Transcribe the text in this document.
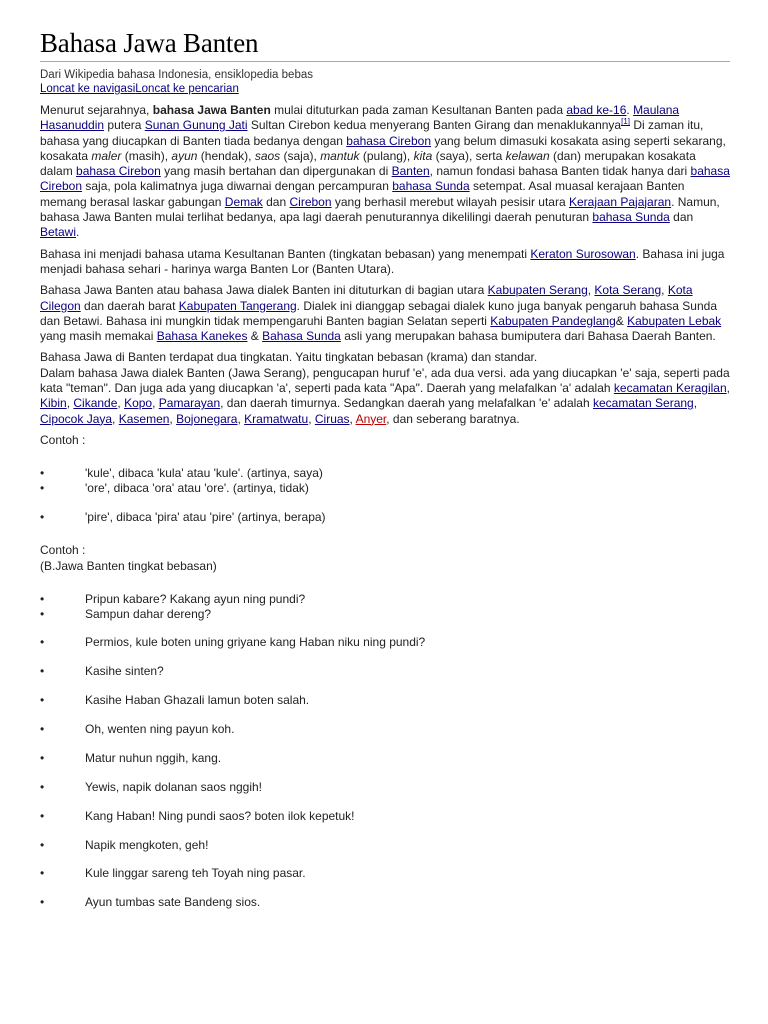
Bahasa Jawa Banten
Dari Wikipedia bahasa Indonesia, ensiklopedia bebas
Loncat ke navigasiLoncat ke pencarian

Menurut sejarahnya, bahasa Jawa Banten mulai dituturkan pada zaman Kesultanan Banten pada abad ke-16. Maulana Hasanuddin putera Sunan Gunung Jati Sultan Cirebon kedua menyerang Banten Girang dan menaklukannya[1] Di zaman itu, bahasa yang diucapkan di Banten tiada bedanya dengan bahasa Cirebon yang belum dimasuki kosakata asing seperti sekarang,
kosakata maler (masih), ayun (hendak), saos (saja), mantuk (pulang), kita (saya), serta kelawan (dan) merupakan kosakata dalam bahasa Cirebon yang masih bertahan dan dipergunakan di Banten, namun fondasi bahasa Banten tidak hanya dari bahasa Cirebon saja, pola kalimatnya juga diwarnai dengan percampuran bahasa Sunda setempat. Asal muasal kerajaan Banten memang berasal laskar gabungan Demak dan Cirebon yang berhasil merebut wilayah pesisir utara Kerajaan Pajajaran. Namun, bahasa Jawa Banten mulai terlihat bedanya, apa lagi daerah penuturannya dikelilingi daerah penuturan bahasa Sunda dan Betawi.

Bahasa ini menjadi bahasa utama Kesultanan Banten (tingkatan bebasan) yang menempati Keraton Surosowan. Bahasa ini juga menjadi bahasa sehari - harinya warga Banten Lor (Banten Utara).

Bahasa Jawa Banten atau bahasa Jawa dialek Banten ini dituturkan di bagian utara Kabupaten Serang, Kota Serang, Kota Cilegon dan daerah barat Kabupaten Tangerang. Dialek ini dianggap sebagai dialek kuno juga banyak pengaruh bahasa Sunda dan Betawi. Bahasa ini mungkin tidak mempengaruhi Banten bagian Selatan seperti Kabupaten Pandeglang& Kabupaten Lebak yang masih memakai Bahasa Kanekes & Bahasa Sunda asli yang merupakan bahasa bumiputera dari Bahasa Daerah Banten.

Bahasa Jawa di Banten terdapat dua tingkatan. Yaitu tingkatan bebasan (krama) dan standar.
Dalam bahasa Jawa dialek Banten (Jawa Serang), pengucapan huruf 'e', ada dua versi. ada yang diucapkan 'e' saja, seperti pada kata "teman". Dan juga ada yang diucapkan 'a', seperti pada kata "Apa". Daerah yang melafalkan 'a' adalah kecamatan Keragilan, Kibin, Cikande, Kopo, Pamarayan, dan daerah timurnya. Sedangkan daerah yang melafalkan 'e' adalah kecamatan Serang, Cipocok Jaya, Kasemen, Bojonegara, Kramatwatu, Ciruas, Anyer, dan seberang baratnya.

Contoh :

• 'kule', dibaca 'kula' atau 'kule'. (artinya, saya)
• 'ore', dibaca 'ora' atau 'ore'. (artinya, tidak)
• 'pire', dibaca 'pira' atau 'pire' (artinya, berapa)

Contoh :

(B.Jawa Banten tingkat bebasan)

• Pripun kabare? Kakang ayun ning pundi?
• Sampun dahar dereng?
• Permios, kule boten uning griyane kang Haban niku ning pundi?
• Kasihe sinten?
• Kasihe Haban Ghazali lamun boten salah.
• Oh, wenten ning payun koh.
• Matur nuhun nggih, kang.
• Yewis, napik dolanan saos nggih!
• Kang Haban! Ning pundi saos? boten ilok kepetuk!
• Napik mengkoten, geh!
• Kule linggar sareng teh Toyah ning pasar.
• Ayun tumbas sate Bandeng sios.
